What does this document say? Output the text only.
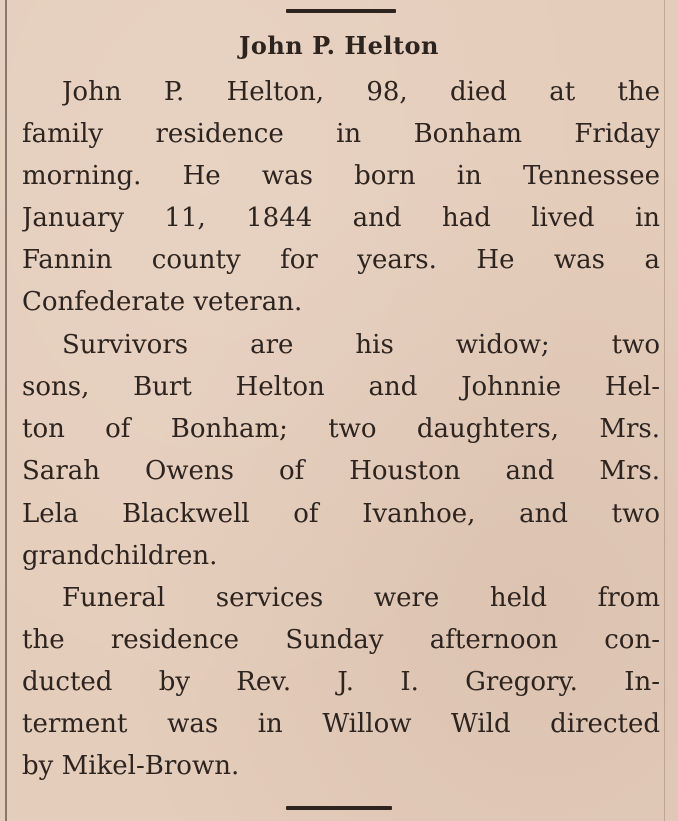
John P. Helton

John P. Helton, 98, died at the

family residence in Bonham Friday

morning. He was born in Tennessee

January 11, 1844 and had lived in

Fannin county for years. He was a

Confederate veteran.

Survivors are his widow; two

sons, Burt Helton and Johnnie Hel-

ton of Bonham; two daughters, Mrs.

Sarah Owens of Houston and Mrs.

Lela Blackwell of Ivanhoe, and two

grandchildren.

Funeral services were held from

the residence Sunday afternoon con-

ducted by Rev. J. I. Gregory. In-

terment was in Willow Wild directed

by Mikel-Brown.
